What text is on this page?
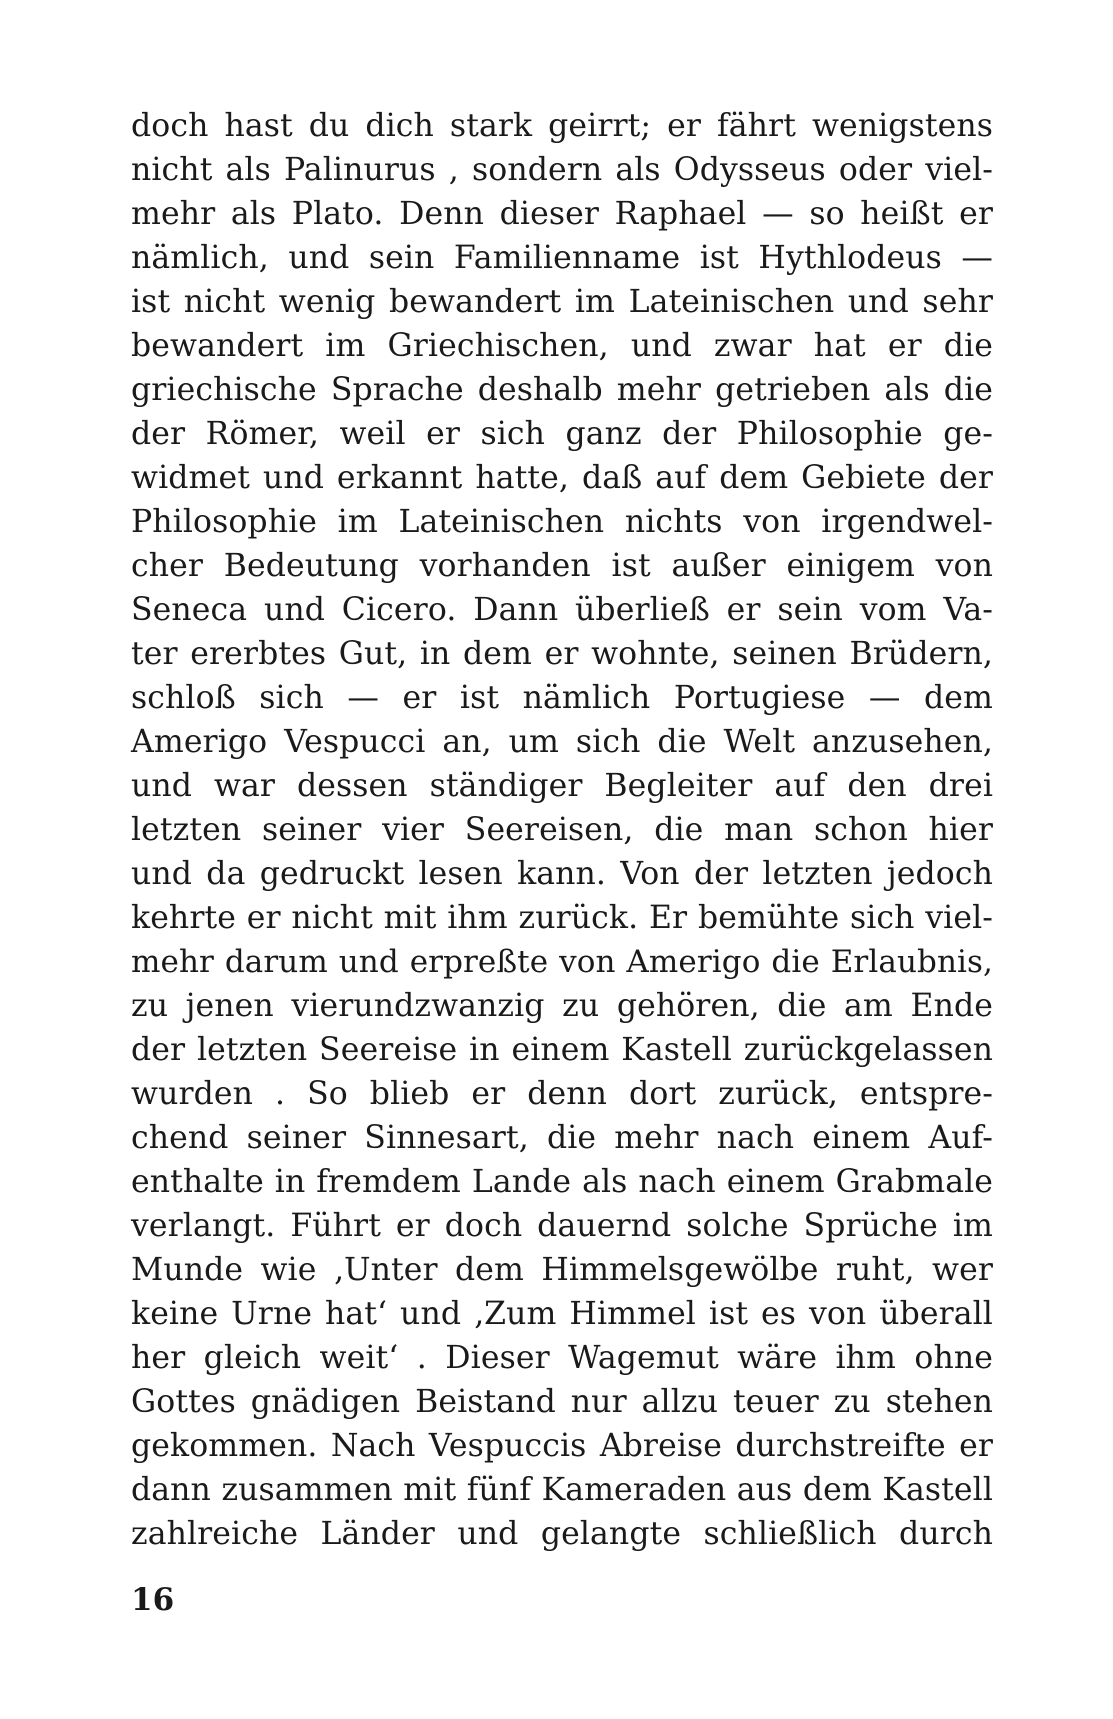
doch hast du dich stark geirrt; er fährt wenigstens
nicht als Palinurus , sondern als Odysseus oder viel-
mehr als Plato. Denn dieser Raphael — so heißt er
nämlich, und sein Familienname ist Hythlodeus —
ist nicht wenig bewandert im Lateinischen und sehr
bewandert im Griechischen, und zwar hat er die
griechische Sprache deshalb mehr getrieben als die
der Römer, weil er sich ganz der Philosophie ge-
widmet und erkannt hatte, daß auf dem Gebiete der
Philosophie im Lateinischen nichts von irgendwel-
cher Bedeutung vorhanden ist außer einigem von
Seneca und Cicero. Dann überließ er sein vom Va-
ter ererbtes Gut, in dem er wohnte, seinen Brüdern,
schloß sich — er ist nämlich Portugiese — dem
Amerigo Vespucci an, um sich die Welt anzusehen,
und war dessen ständiger Begleiter auf den drei
letzten seiner vier Seereisen, die man schon hier
und da gedruckt lesen kann. Von der letzten jedoch
kehrte er nicht mit ihm zurück. Er bemühte sich viel-
mehr darum und erpreßte von Amerigo die Erlaubnis,
zu jenen vierundzwanzig zu gehören, die am Ende
der letzten Seereise in einem Kastell zurückgelassen
wurden . So blieb er denn dort zurück, entspre-
chend seiner Sinnesart, die mehr nach einem Auf-
enthalte in fremdem Lande als nach einem Grabmale
verlangt. Führt er doch dauernd solche Sprüche im
Munde wie ‚Unter dem Himmelsgewölbe ruht, wer
keine Urne hat‘ und ‚Zum Himmel ist es von überall
her gleich weit‘ . Dieser Wagemut wäre ihm ohne
Gottes gnädigen Beistand nur allzu teuer zu stehen
gekommen. Nach Vespuccis Abreise durchstreifte er
dann zusammen mit fünf Kameraden aus dem Kastell
zahlreiche Länder und gelangte schließlich durch
16
